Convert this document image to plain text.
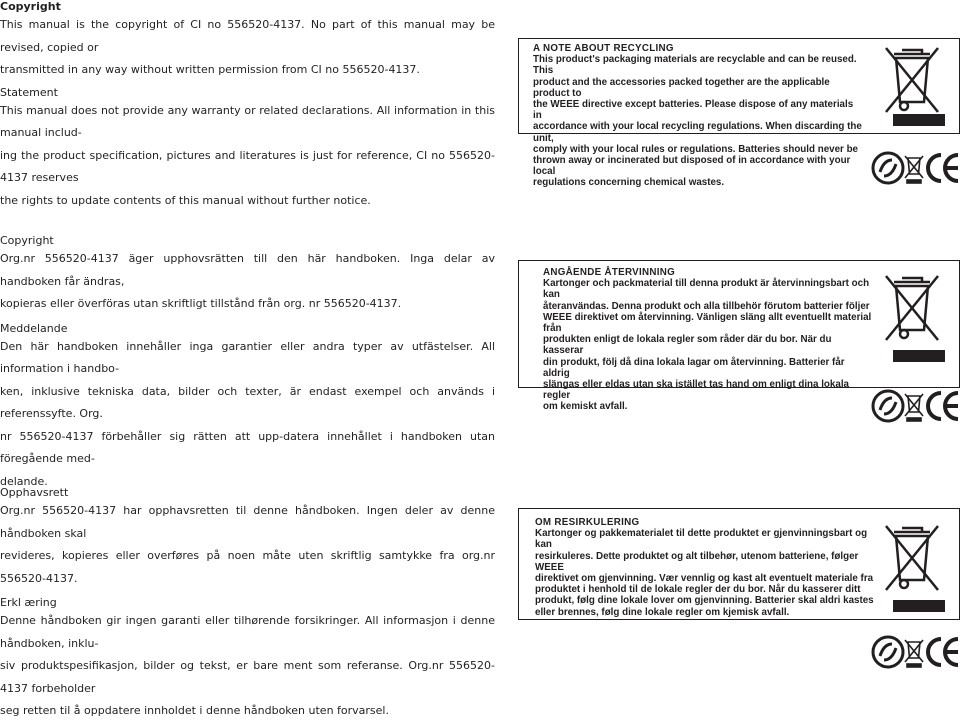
Copyright

This manual is the copyright of CI no 556520-4137. No part of this manual may be revised, copied or

transmitted in any way without written permission from CI no 556520-4137.

Statement

This manual does not provide any warranty or related declarations. All information in this manual includ-

ing the product specification, pictures and literatures is just for reference, CI no 556520-4137 reserves

the rights to update contents of this manual without further notice.

A NOTE ABOUT RECYCLING
This product's packaging materials are recyclable and can be reused. This
product and the accessories packed together are the applicable product to
the WEEE directive except batteries. Please dispose of any materials in
accordance with your local recycling regulations. When discarding the unit,
comply with your local rules or regulations. Batteries should never be
thrown away or incinerated but disposed of in accordance with your local
regulations concerning chemical wastes.

Copyright

Org.nr 556520-4137 äger upphovsrätten till den här handboken. Inga delar av handboken får ändras,

kopieras eller överföras utan skriftligt tillstånd från org. nr 556520-4137.

Meddelande

Den här handboken innehåller inga garantier eller andra typer av utfästelser. All information i handbo-

ken, inklusive tekniska data, bilder och texter, är endast exempel och används i referenssyfte. Org.

nr 556520-4137 förbehåller sig rätten att upp-datera innehållet i handboken utan föregående med-

delande.

ANGÅENDE ÅTERVINNING
Kartonger och packmaterial till denna produkt är återvinningsbart och kan
återanvändas. Denna produkt och alla tillbehör förutom batterier följer
WEEE direktivet om återvinning. Vänligen släng allt eventuellt material från
produkten enligt de lokala regler som råder där du bor. När du kasserar
din produkt, följ då dina lokala lagar om återvinning. Batterier får aldrig
slängas eller eldas utan ska istället tas hand om enligt dina lokala regler
om kemiskt avfall.

Opphavsrett

Org.nr 556520-4137 har opphavsretten til denne håndboken. Ingen deler av denne håndboken skal

revideres, kopieres eller overføres på noen måte uten skriftlig samtykke fra org.nr 556520-4137.

Erkl æring

Denne håndboken gir ingen garanti eller tilhørende forsikringer. All informasjon i denne håndboken, inklu-

siv produktspesifikasjon, bilder og tekst, er bare ment som referanse. Org.nr 556520-4137 forbeholder

seg retten til å oppdatere innholdet i denne håndboken uten forvarsel.

OM RESIRKULERING
Kartonger og pakkematerialet til dette produktet er gjenvinningsbart og kan
resirkuleres. Dette produktet og alt tilbehør, utenom batteriene, følger WEEE
direktivet om gjenvinning. Vær vennlig og kast alt eventuelt materiale fra
produktet i henhold til de lokale regler der du bor. Når du kasserer ditt
produkt, følg dine lokale lover om gjenvinning. Batterier skal aldri kastes
eller brennes, følg dine lokale regler om kjemisk avfall.
